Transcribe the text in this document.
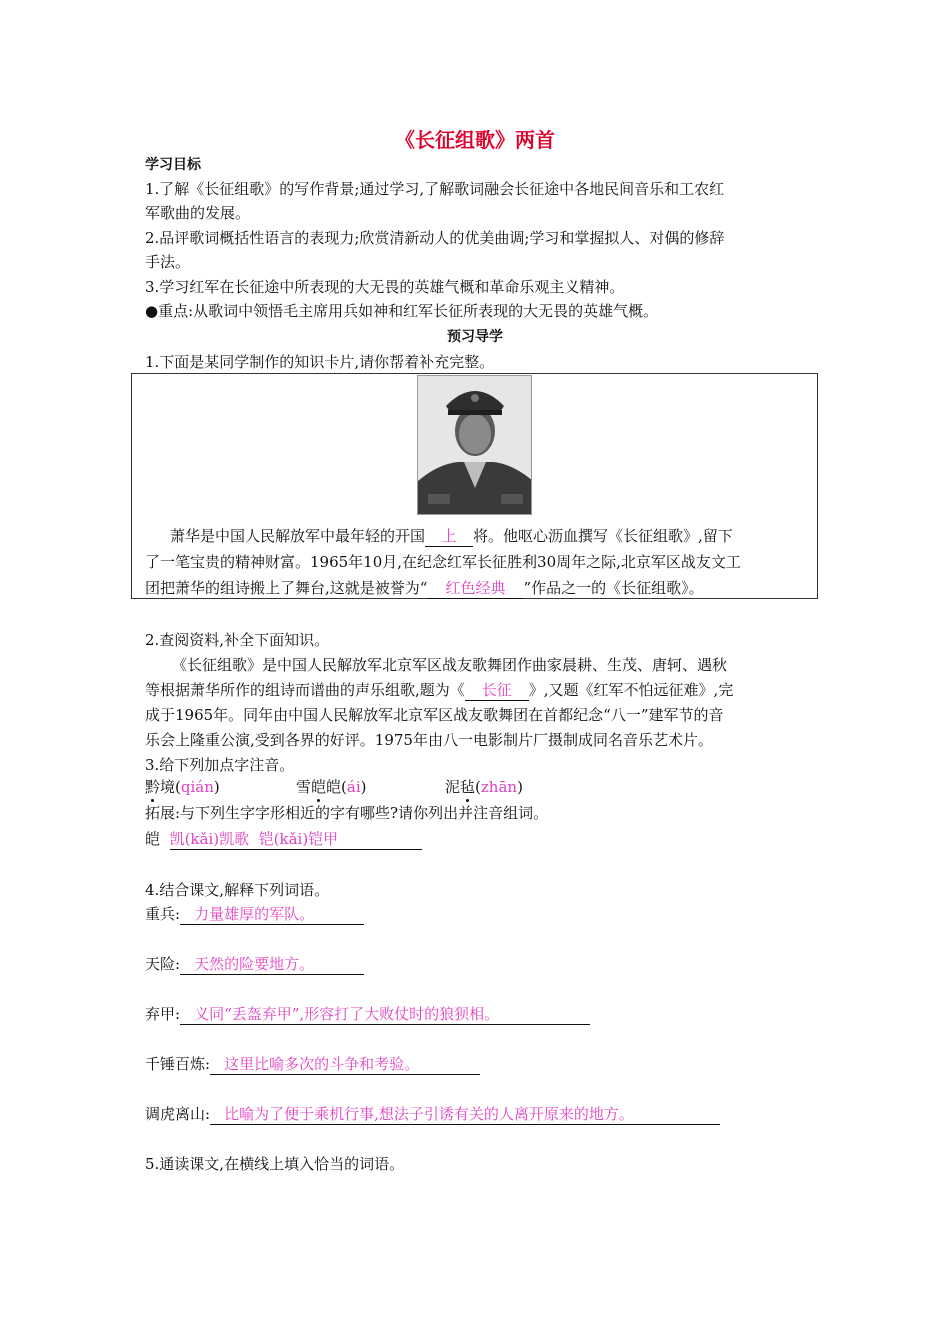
《长征组歌》两首
学习目标
1.了解《长征组歌》的写作背景;通过学习,了解歌词融会长征途中各地民间音乐和工农红
军歌曲的发展。
2.品评歌词概括性语言的表现力;欣赏清新动人的优美曲调;学习和掌握拟人、对偶的修辞
手法。
3.学习红军在长征途中所表现的大无畏的英雄气概和革命乐观主义精神。
●重点:从歌词中领悟毛主席用兵如神和红军长征所表现的大无畏的英雄气概。
预习导学
1.下面是某同学制作的知识卡片,请你帮着补充完整。
萧华是中国人民解放军中最年轻的开国 上 将。他呕心沥血撰写《长征组歌》,留下
了一笔宝贵的精神财富。1965年10月,在纪念红军长征胜利30周年之际,北京军区战友文工
团把萧华的组诗搬上了舞台,这就是被誉为“ 红色经典 ”作品之一的《长征组歌》。
2.查阅资料,补全下面知识。
《长征组歌》是中国人民解放军北京军区战友歌舞团作曲家晨耕、生茂、唐轲、遇秋
等根据萧华所作的组诗而谱曲的声乐组歌,题为《 长征 》,又题《红军不怕远征难》,完
成于1965年。同年由中国人民解放军北京军区战友歌舞团在首都纪念“八一”建军节的音
乐会上隆重公演,受到各界的好评。1975年由八一电影制片厂摄制成同名音乐艺术片。
3.给下列加点字注音。
黔境(qián)	雪皑皑(ái)	泥毡(zhān)
拓展:与下列生字字形相近的字有哪些?请你列出并注音组词。
皑 凯(kǎi)凯歌  铠(kǎi)铠甲
4.结合课文,解释下列词语。
重兵: 力量雄厚的军队。
天险: 天然的险要地方。
弃甲: 义同“丢盔弃甲”,形容打了大败仗时的狼狈相。
千锤百炼: 这里比喻多次的斗争和考验。
调虎离山: 比喻为了便于乘机行事,想法子引诱有关的人离开原来的地方。
5.通读课文,在横线上填入恰当的词语。
